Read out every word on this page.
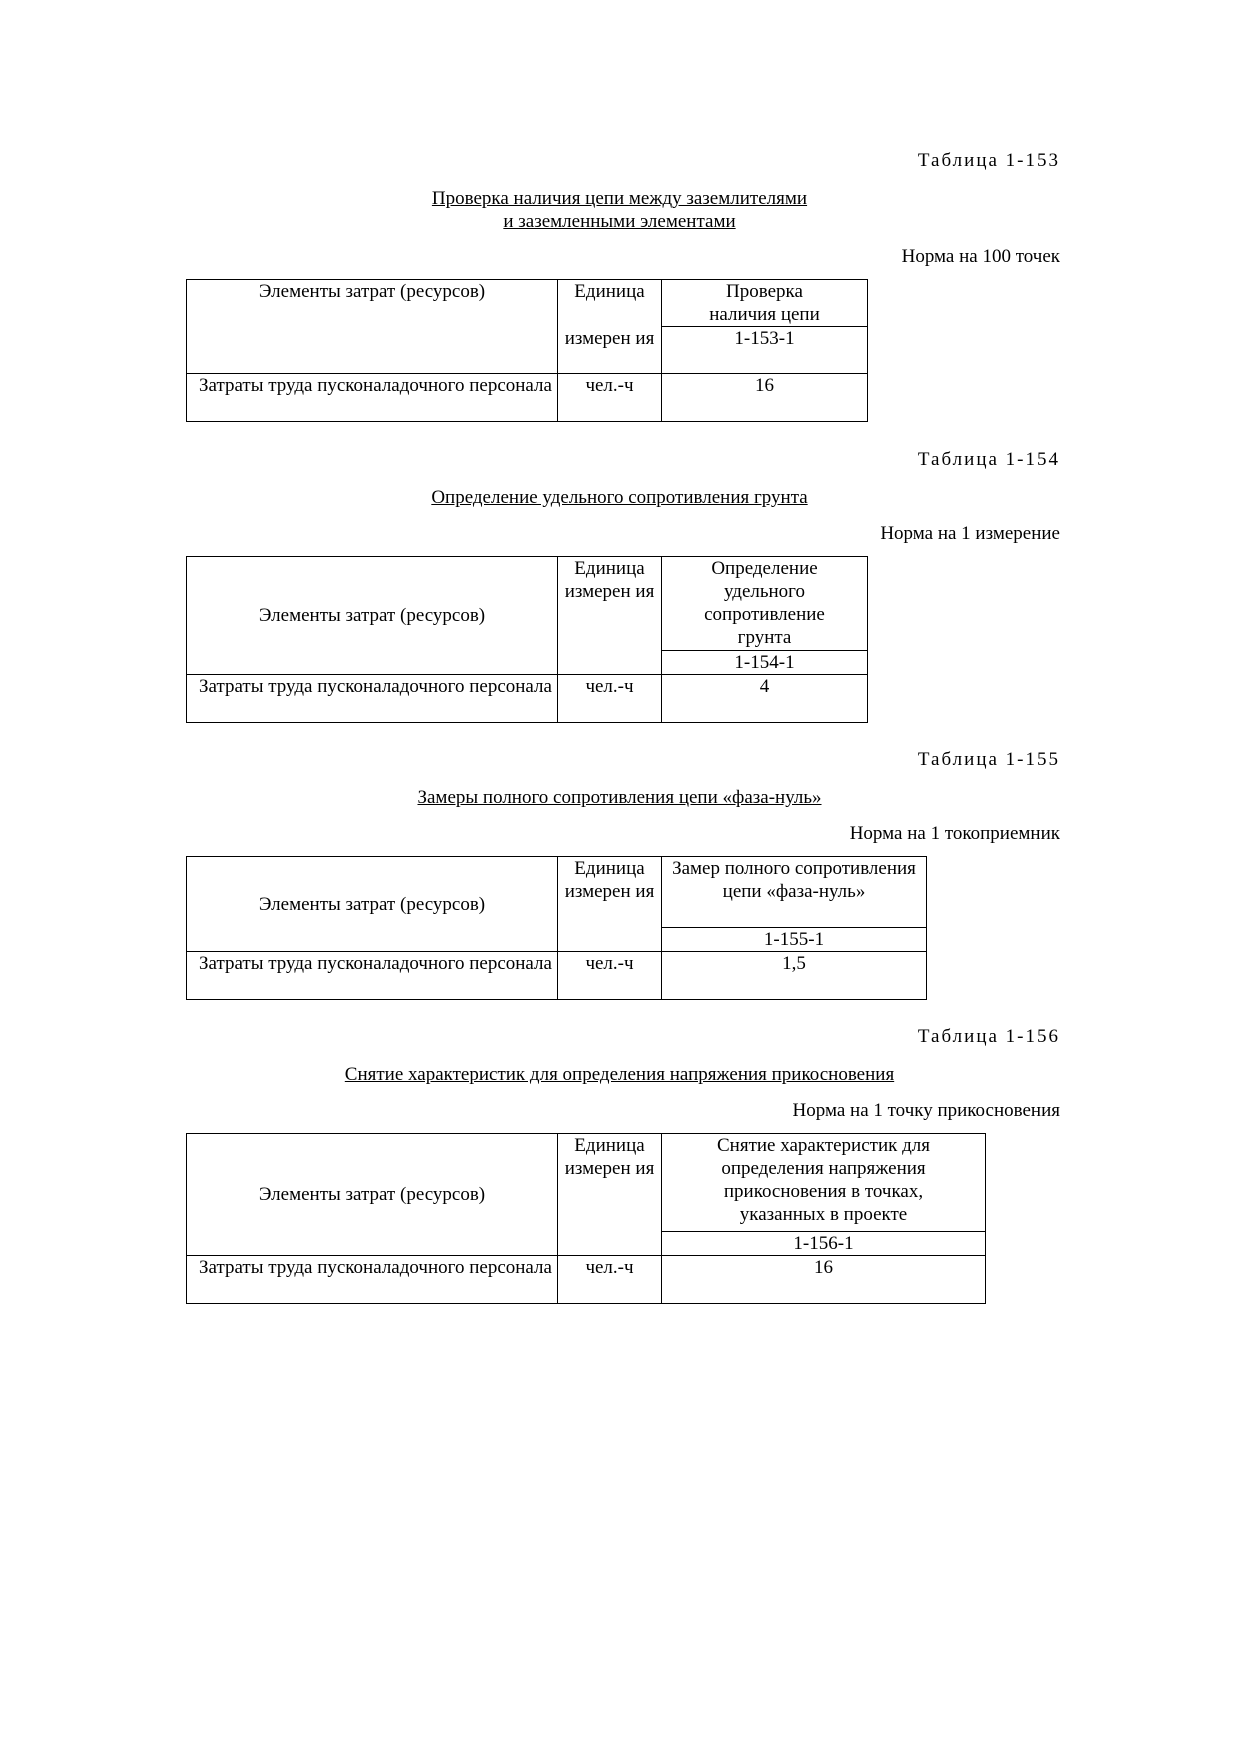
Таблица 1-153
Проверка наличия цепи между заземлителями
и заземленными элементами
Норма на 100 точек
Элементы затрат (ресурсов)	Единица	Проверка наличия цепи
	измерен ия	1-153-1
Затраты труда пусконаладочного персонала	чел.-ч	16
Таблица 1-154
Определение удельного сопротивления грунта
Норма на 1 измерение
Элементы затрат (ресурсов)	Единица измерен ия	Определение удельного сопротивление грунта
		1-154-1
Затраты труда пусконаладочного персонала	чел.-ч	4
Таблица 1-155
Замеры полного сопротивления цепи «фаза-нуль»
Норма на 1 токоприемник
Элементы затрат (ресурсов)	Единица измерен ия	Замер полного сопротивления цепи «фаза-нуль»
		1-155-1
Затраты труда пусконаладочного персонала	чел.-ч	1,5
Таблица 1-156
Снятие характеристик для определения напряжения прикосновения
Норма на 1 точку прикосновения
Элементы затрат (ресурсов)	Единица измерен ия	Снятие характеристик для определения напряжения прикосновения в точках, указанных в проекте
		1-156-1
Затраты труда пусконаладочного персонала	чел.-ч	16
